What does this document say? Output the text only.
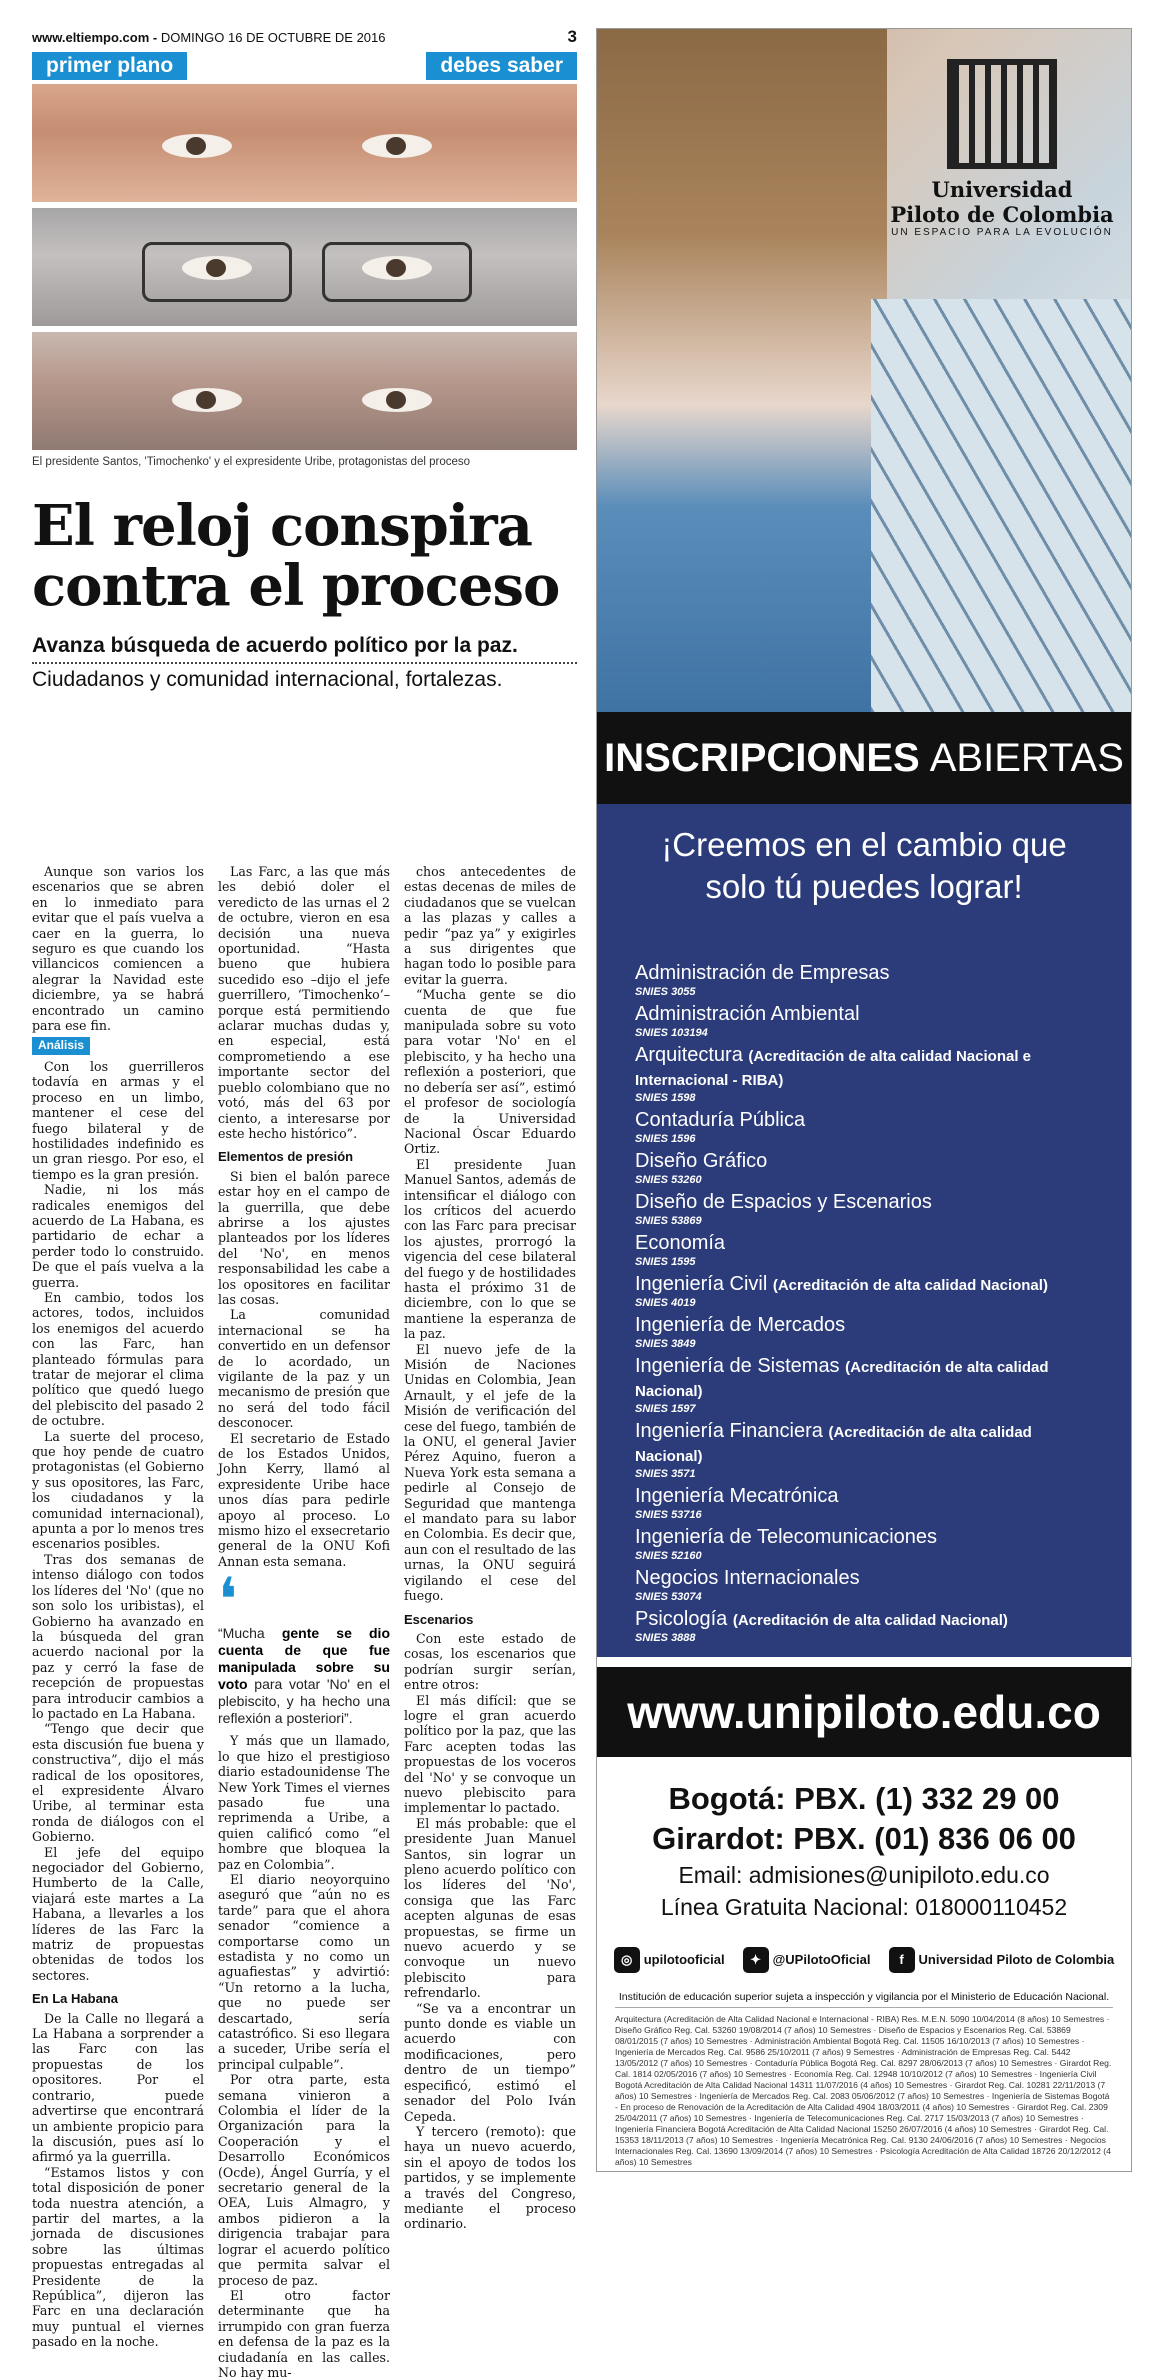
www.eltiempo.com - DOMINGO 16 DE OCTUBRE DE 2016	3
primer plano	debes saber
El presidente Santos, 'Timochenko' y el expresidente Uribe, protagonistas del proceso
El reloj conspira contra el proceso
Avanza búsqueda de acuerdo político por la paz.
Ciudadanos y comunidad internacional, fortalezas.

Aunque son varios los escenarios que se abren en lo inmediato para evitar que el país vuelva a caer en la guerra, lo seguro es que cuando los villancicos comiencen a alegrar la Navidad este diciembre, ya se habrá encontrado un camino para ese fin.

Análisis

Con los guerrilleros todavía en armas y el proceso en un limbo, mantener el cese del fuego bilateral y de hostilidades indefinido es un gran riesgo. Por eso, el tiempo es la gran presión.

Nadie, ni los más radicales enemigos del acuerdo de La Habana, es partidario de echar a perder todo lo construido. De que el país vuelva a la guerra.

En cambio, todos los actores, todos, incluidos los enemigos del acuerdo con las Farc, han planteado fórmulas para tratar de mejorar el clima político que quedó luego del plebiscito del pasado 2 de octubre.

La suerte del proceso, que hoy pende de cuatro protagonistas (el Gobierno y sus opositores, las Farc, los ciudadanos y la comunidad internacional), apunta a por lo menos tres escenarios posibles.

Tras dos semanas de intenso diálogo con todos los líderes del 'No' (que no son solo los uribistas), el Gobierno ha avanzado en la búsqueda del gran acuerdo nacional por la paz y cerró la fase de recepción de propuestas para introducir cambios a lo pactado en La Habana.

“Tengo que decir que esta discusión fue buena y constructiva”, dijo el más radical de los opositores, el expresidente Álvaro Uribe, al terminar esta ronda de diálogos con el Gobierno.

El jefe del equipo negociador del Gobierno, Humberto de la Calle, viajará este martes a La Habana, a llevarles a los líderes de las Farc la matriz de propuestas obtenidas de todos los sectores.

En La Habana

De la Calle no llegará a La Habana a sorprender a las Farc con las propuestas de los opositores. Por el contrario, puede advertirse que encontrará un ambiente propicio para la discusión, pues así lo afirmó ya la guerrilla.

“Estamos listos y con total disposición de poner toda nuestra atención, a partir del martes, a la jornada de discusiones sobre las últimas propuestas entregadas al Presidente de la República”, dijeron las Farc en una declaración muy puntual el viernes pasado en la noche.

Las Farc, a las que más les debió doler el veredicto de las urnas el 2 de octubre, vieron en esa decisión una nueva oportunidad. “Hasta bueno que hubiera sucedido eso –dijo el jefe guerrillero, ‘Timochenko’– porque está permitiendo aclarar muchas dudas y, en especial, está comprometiendo a ese importante sector del pueblo colombiano que no votó, más del 63 por ciento, a interesarse por este hecho histórico”.

Elementos de presión

Si bien el balón parece estar hoy en el campo de la guerrilla, que debe abrirse a los ajustes planteados por los líderes del 'No', en menos responsabilidad les cabe a los opositores en facilitar las cosas.

La comunidad internacional se ha convertido en un defensor de lo acordado, un vigilante de la paz y un mecanismo de presión que no será del todo fácil desconocer.

El secretario de Estado de los Estados Unidos, John Kerry, llamó al expresidente Uribe hace unos días para pedirle apoyo al proceso. Lo mismo hizo el exsecretario general de la ONU Kofi Annan esta semana.

❛
“Mucha gente se dio cuenta de que fue manipulada sobre su voto para votar 'No' en el plebiscito, y ha hecho una reflexión a posteriori”.

Y más que un llamado, lo que hizo el prestigioso diario estadounidense The New York Times el viernes pasado fue una reprimenda a Uribe, a quien calificó como “el hombre que bloquea la paz en Colombia”.

El diario neoyorquino aseguró que “aún no es tarde” para que el ahora senador “comience a comportarse como un estadista y no como un aguafiestas” y advirtió: “Un retorno a la lucha, que no puede ser descartado, sería catastrófico. Si eso llegara a suceder, Uribe sería el principal culpable”.

Por otra parte, esta semana vinieron a Colombia el líder de la Organización para la Cooperación y el Desarrollo Económicos (Ocde), Ángel Gurría, y el secretario general de la OEA, Luis Almagro, y ambos pidieron a la dirigencia trabajar para lograr el acuerdo político que permita salvar el proceso de paz.

El otro factor determinante que ha irrumpido con gran fuerza en defensa de la paz es la ciudadanía en las calles. No hay mu-

chos antecedentes de estas decenas de miles de ciudadanos que se vuelcan a las plazas y calles a pedir “paz ya” y exigirles a sus dirigentes que hagan todo lo posible para evitar la guerra.

“Mucha gente se dio cuenta de que fue manipulada sobre su voto para votar 'No' en el plebiscito, y ha hecho una reflexión a posteriori, que no debería ser así”, estimó el profesor de sociología de la Universidad Nacional Óscar Eduardo Ortiz.

El presidente Juan Manuel Santos, además de intensificar el diálogo con los críticos del acuerdo con las Farc para precisar los ajustes, prorrogó la vigencia del cese bilateral del fuego y de hostilidades hasta el próximo 31 de diciembre, con lo que se mantiene la esperanza de la paz.

El nuevo jefe de la Misión de Naciones Unidas en Colombia, Jean Arnault, y el jefe de la Misión de verificación del cese del fuego, también de la ONU, el general Javier Pérez Aquino, fueron a Nueva York esta semana a pedirle al Consejo de Seguridad que mantenga el mandato para su labor en Colombia. Es decir que, aun con el resultado de las urnas, la ONU seguirá vigilando el cese del fuego.

Escenarios

Con este estado de cosas, los escenarios que podrían surgir serían, entre otros:

El más difícil: que se logre el gran acuerdo político por la paz, que las Farc acepten todas las propuestas de los voceros del 'No' y se convoque un nuevo plebiscito para implementar lo pactado.

El más probable: que el presidente Juan Manuel Santos, sin lograr un pleno acuerdo político con los líderes del 'No', consiga que las Farc acepten algunas de esas propuestas, se firme un nuevo acuerdo y se convoque un nuevo plebiscito para refrendarlo.

“Se va a encontrar un punto donde es viable un acuerdo con modificaciones, pero dentro de un tiempo” especificó, estimó el senador del Polo Iván Cepeda.

Y tercero (remoto): que haya un nuevo acuerdo, sin el apoyo de todos los partidos, y se implemente a través del Congreso, mediante el proceso ordinario.

Universidad
Piloto de Colombia
UN ESPACIO PARA LA EVOLUCIÓN
INSCRIPCIONES ABIERTAS
¡Creemos en el cambio que solo tú puedes lograr!
Administración de Empresas
SNIES 3055
Administración Ambiental
SNIES 103194
Arquitectura (Acreditación de alta calidad Nacional e Internacional - RIBA)
SNIES 1598
Contaduría Pública
SNIES 1596
Diseño Gráfico
SNIES 53260
Diseño de Espacios y Escenarios
SNIES 53869
Economía
SNIES 1595
Ingeniería Civil (Acreditación de alta calidad Nacional)
SNIES 4019
Ingeniería de Mercados
SNIES 3849
Ingeniería de Sistemas (Acreditación de alta calidad Nacional)
SNIES 1597
Ingeniería Financiera (Acreditación de alta calidad Nacional)
SNIES 3571
Ingeniería Mecatrónica
SNIES 53716
Ingeniería de Telecomunicaciones
SNIES 52160
Negocios Internacionales
SNIES 53074
Psicología (Acreditación de alta calidad Nacional)
SNIES 3888
www.unipiloto.edu.co
Bogotá: PBX. (1) 332 29 00
Girardot: PBX. (01) 836 06 00
Email: admisiones@unipiloto.edu.co
Línea Gratuita Nacional: 018000110452
◎ upilotooficial	✦ @UPilotoOficial	f Universidad Piloto de Colombia
Institución de educación superior sujeta a inspección y vigilancia por el Ministerio de Educación Nacional.
Arquitectura (Acreditación de Alta Calidad Nacional e Internacional - RIBA) Res. M.E.N. 5090 10/04/2014 (8 años) 10 Semestres · Diseño Gráfico Reg. Cal. 53260 19/08/2014 (7 años) 10 Semestres · Diseño de Espacios y Escenarios Reg. Cal. 53869 08/01/2015 (7 años) 10 Semestres · Administración Ambiental Bogotá Reg. Cal. 11505 16/10/2013 (7 años) 10 Semestres · Ingeniería de Mercados Reg. Cal. 9586 25/10/2011 (7 años) 9 Semestres · Administración de Empresas Reg. Cal. 5442 13/05/2012 (7 años) 10 Semestres · Contaduría Pública Bogotá Reg. Cal. 8297 28/06/2013 (7 años) 10 Semestres · Girardot Reg. Cal. 1814 02/05/2016 (7 años) 10 Semestres · Economía Reg. Cal. 12948 10/10/2012 (7 años) 10 Semestres · Ingeniería Civil Bogotá Acreditación de Alta Calidad Nacional 14311 11/07/2016 (4 años) 10 Semestres · Girardot Reg. Cal. 10281 22/11/2013 (7 años) 10 Semestres · Ingeniería de Mercados Reg. Cal. 2083 05/06/2012 (7 años) 10 Semestres · Ingeniería de Sistemas Bogotá - En proceso de Renovación de la Acreditación de Alta Calidad 4904 18/03/2011 (4 años) 10 Semestres · Girardot Reg. Cal. 2309 25/04/2011 (7 años) 10 Semestres · Ingeniería de Telecomunicaciones Reg. Cal. 2717 15/03/2013 (7 años) 10 Semestres · Ingeniería Financiera Bogotá Acreditación de Alta Calidad Nacional 15250 26/07/2016 (4 años) 10 Semestres · Girardot Reg. Cal. 15353 18/11/2013 (7 años) 10 Semestres · Ingeniería Mecatrónica Reg. Cal. 9130 24/06/2016 (7 años) 10 Semestres · Negocios Internacionales Reg. Cal. 13690 13/09/2014 (7 años) 10 Semestres · Psicología Acreditación de Alta Calidad 18726 20/12/2012 (4 años) 10 Semestres
